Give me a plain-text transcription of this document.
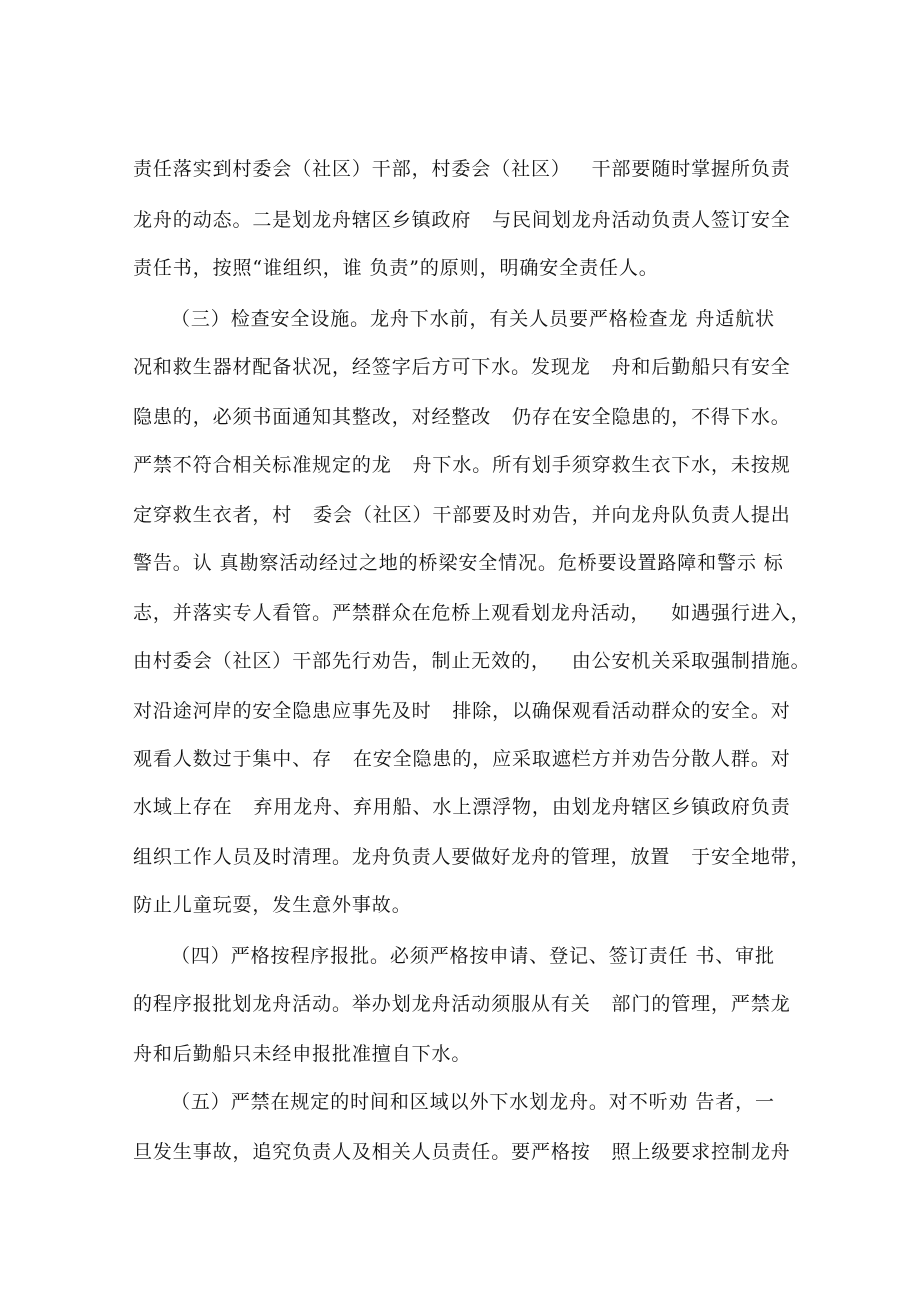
责任落实到村委会（社区）干部，村委会（社区）   干部要随时掌握所负责
龙舟的动态。二是划龙舟辖区乡镇政府   与民间划龙舟活动负责人签订安全
责任书，按照“谁组织，谁 负责”的原则，明确安全责任人。
（三）检查安全设施。龙舟下水前，有关人员要严格检查龙 舟适航状
况和救生器材配备状况，经签字后方可下水。发现龙   舟和后勤船只有安全
隐患的，必须书面通知其整改，对经整改   仍存在安全隐患的，不得下水。
严禁不符合相关标准规定的龙   舟下水。所有划手须穿救生衣下水，未按规
定穿救生衣者，村   委会（社区）干部要及时劝告，并向龙舟队负责人提出
警告。认 真勘察活动经过之地的桥梁安全情况。危桥要设置路障和警示 标
志，并落实专人看管。严禁群众在危桥上观看划龙舟活动，   如遇强行进入，
由村委会（社区）干部先行劝告，制止无效的，   由公安机关采取强制措施。
对沿途河岸的安全隐患应事先及时   排除，以确保观看活动群众的安全。对
观看人数过于集中、存   在安全隐患的，应采取遮栏方并劝告分散人群。对
水域上存在   弃用龙舟、弃用船、水上漂浮物，由划龙舟辖区乡镇政府负责
组织工作人员及时清理。龙舟负责人要做好龙舟的管理，放置   于安全地带，
防止儿童玩耍，发生意外事故。
（四）严格按程序报批。必须严格按申请、登记、签订责任 书、审批
的程序报批划龙舟活动。举办划龙舟活动须服从有关   部门的管理，严禁龙
舟和后勤船只未经申报批准擅自下水。
（五）严禁在规定的时间和区域以外下水划龙舟。对不听劝 告者，一
旦发生事故，追究负责人及相关人员责任。要严格按   照上级要求控制龙舟
